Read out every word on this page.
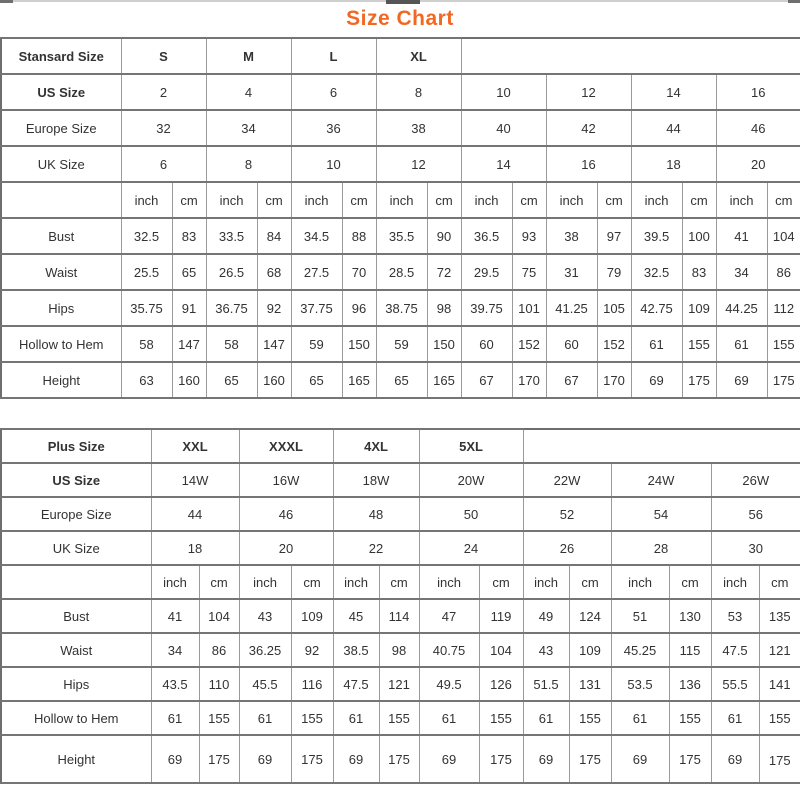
Size Chart
Stansard Size	S		M		L		XL									
US Size	2		4		6		8		10		12		14		16	
Europe Size	32		34		36		38		40		42		44		46	
UK Size	6		8		10		12		14		16		18		20	
	inch	cm	inch	cm	inch	cm	inch	cm	inch	cm	inch	cm	inch	cm	inch	cm
Bust	32.5	83	33.5	84	34.5	88	35.5	90	36.5	93	38	97	39.5	100	41	104
Waist	25.5	65	26.5	68	27.5	70	28.5	72	29.5	75	31	79	32.5	83	34	86
Hips	35.75	91	36.75	92	37.75	96	38.75	98	39.75	101	41.25	105	42.75	109	44.25	112
Hollow to Hem	58	147	58	147	59	150	59	150	60	152	60	152	61	155	61	155
Height	63	160	65	160	65	165	65	165	67	170	67	170	69	175	69	175
Plus Size	XXL		XXXL		4XL		5XL							
US Size	14W		16W		18W		20W		22W		24W		26W	
Europe Size	44		46		48		50		52		54		56	
UK Size	18		20		22		24		26		28		30	
	inch	cm	inch	cm	inch	cm	inch	cm	inch	cm	inch	cm	inch	cm
Bust	41	104	43	109	45	114	47	119	49	124	51	130	53	135
Waist	34	86	36.25	92	38.5	98	40.75	104	43	109	45.25	115	47.5	121
Hips	43.5	110	45.5	116	47.5	121	49.5	126	51.5	131	53.5	136	55.5	141
Hollow to Hem	61	155	61	155	61	155	61	155	61	155	61	155	61	155
Height	69	175	69	175	69	175	69	175	69	175	69	175	69	175
